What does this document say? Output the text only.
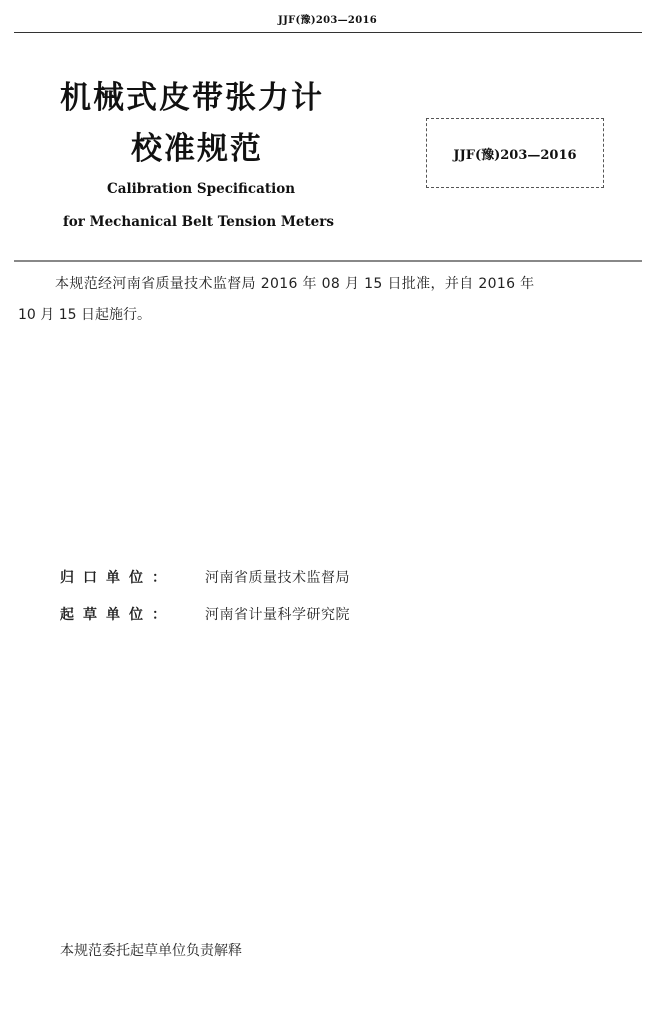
JJF(豫)203—2016
机械式皮带张力计
校准规范	JJF(豫)203—2016
Calibration Specification
for Mechanical Belt Tension Meters
本规范经河南省质量技术监督局 2016 年 08 月 15 日批准，并自 2016 年
10 月 15 日起施行。
归口单位： 河南省质量技术监督局
起草单位： 河南省计量科学研究院
本规范委托起草单位负责解释
